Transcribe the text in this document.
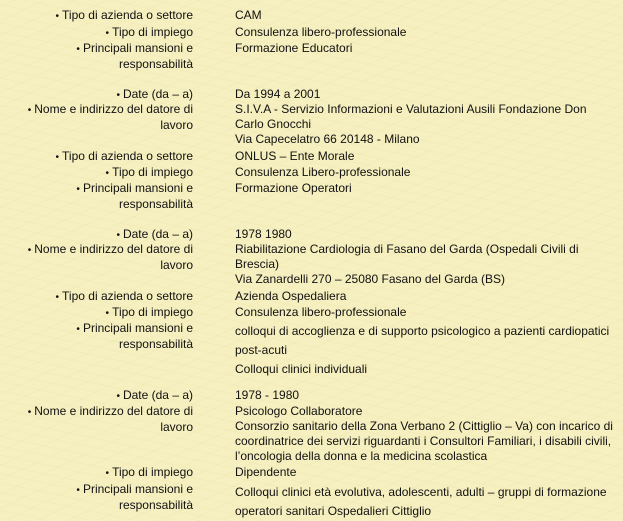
• Tipo di azienda o settore	CAM
• Tipo di impiego	Consulenza libero-professionale
• Principali mansioni e responsabilità
Formazione Educatori
• Date (da – a)	Da 1994 a 2001
• Nome e indirizzo del datore di lavoro
S.I.V.A - Servizio Informazioni e Valutazioni Ausili Fondazione Don Carlo Gnocchi
Via Capecelatro 66 20148 - Milano
• Tipo di azienda o settore	ONLUS – Ente Morale
• Tipo di impiego	Consulenza Libero-professionale
• Principali mansioni e responsabilità
Formazione Operatori
• Date (da – a)	1978 1980
• Nome e indirizzo del datore di lavoro
Riabilitazione Cardiologia di Fasano del Garda (Ospedali Civili di Brescia)
Via Zanardelli 270 – 25080 Fasano del Garda (BS)
• Tipo di azienda o settore	Azienda Ospedaliera
• Tipo di impiego	Consulenza libero-professionale
• Principali mansioni e responsabilità
colloqui di accoglienza e di supporto psicologico a pazienti cardiopatici post-acuti
Colloqui clinici individuali
• Date (da – a)	1978 - 1980
• Nome e indirizzo del datore di lavoro
Psicologo Collaboratore
Consorzio sanitario della Zona Verbano 2 (Cittiglio – Va) con incarico di coordinatrice dei servizi riguardanti i Consultori Familiari, i disabili civili, l’oncologia della donna e la medicina scolastica
• Tipo di impiego	Dipendente
• Principali mansioni e responsabilità
Colloqui clinici età evolutiva, adolescenti, adulti – gruppi di formazione operatori sanitari Ospedalieri Cittiglio
